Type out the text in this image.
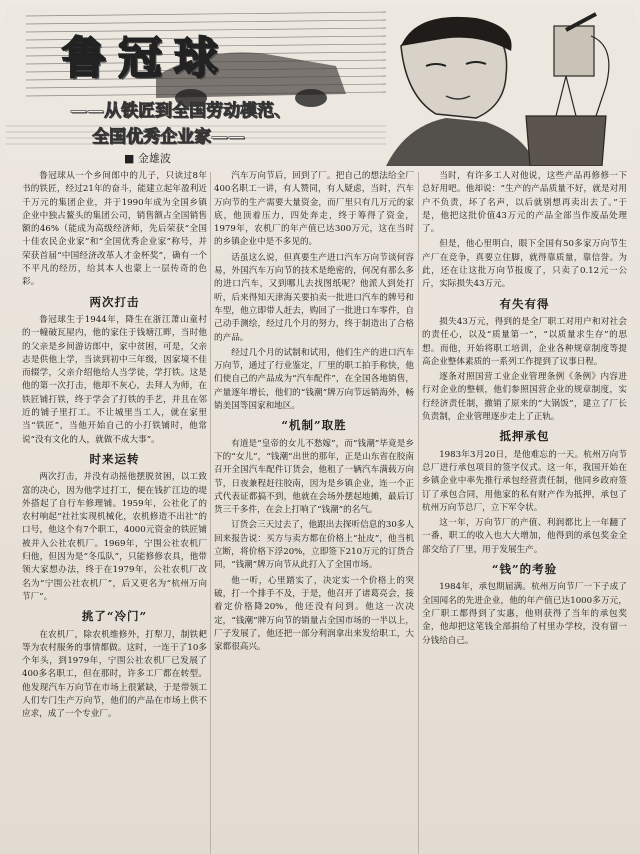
鲁冠球
——从铁匠到全国劳动模范、
全国优秀企业家——
■ 金雄波

鲁冠球从一个乡间郎中的儿子，只读过8年书的铁匠，经过21年的奋斗，能建立起年盈利近千万元的集团企业，并于1990年成为全国乡镇企业中独占鳌头的集团公司，销售额占全国销售额的46%（能成为高级经济师，先后荣获“全国十佳农民企业家”和“全国优秀企业家”称号，并荣获首届“中国经济改革人才金杯奖”，确有一个不平凡的经历，给其本人也蒙上一层传奇的色彩。

两次打击

鲁冠球生于1944年，降生在浙江萧山童村的一幢破瓦屋内，他的家住于钱塘江畔，当时他的父亲是乡间游访郎中，家中贫困，可是，父亲志是供他上学，当读到初中三年级，因家境不佳而辍学，父亲介绍他给人当学徒，学打铁。这是他的第一次打击，他却不灰心，去拜人为师，在铁匠铺打铁，终于学会了打铁的手艺，并且在邻近的铺子里打工。不让城里当工人，就在家里当“铁匠”，当他开始自己的小打铁铺时，他常说“没有文化的人，就做不成大事”。

时来运转

两次打击，并没有动摇他摆脱贫困，以工致富的决心，因为他学过打工，便在钱扩江边的堤外搭起了自行车修理铺。1959年，公社化了的农村响起“社社实现机械化，农机修造不出社”的口号，他这个有7个职工，4000元资金的铁匠铺被并入公社农机厂。1969年，宁围公社农机厂归他，但因为是“冬瓜队”，只能修修农具，他带领大家想办法，终于在1979年，公社农机厂改名为“宁围公社农机厂”，后又更名为“杭州万向节厂”。

挑了“冷门”

在农机厂，除农机维修外，打犁刀，制铁耙等为农村服务的事情都做。这时，一连干了10多个年头，到1979年，宁围公社农机厂已发展了400多名职工，但在那时，许多工厂都在转型。他发现汽车万向节在市场上很紧缺，于是带领工人们专门生产万向节，他们的产品在市场上供不应求，成了一个专业厂。

汽车万向节后，回到了厂。把自己的想法给全厂400名职工一讲，有人赞同，有人疑虑，当时，汽车万向节的生产需要大量资金，而厂里只有几万元的家底，他顶着压力，四处奔走，终于筹得了资金，1979年，农机厂的年产值已达300万元，这在当时的乡镇企业中是不多见的。

话虽这么说，但真要生产进口汽车万向节谈何容易，外国汽车万向节的技术是绝密的，何况有那么多的进口汽车，又到哪儿去找图纸呢？他派人到处打听，后来得知天津海关要拍卖一批进口汽车的牌号和车型，他立即带人赶去，购回了一批进口车零件，自己动手测绘，经过几个月的努力，终于制造出了合格的产品。

经过几个月的试制和试用，他们生产的进口汽车万向节，通过了行业鉴定，厂里的职工拍手称快，他们使自己的产品成为“汽车配件”，在全国各地销售，产量逐年增长，他们的“钱潮”牌万向节远销海外，畅销美国等国家和地区。

“机制”取胜

有道是“皇帝的女儿不愁嫁”，而“钱潮”毕竟是乡下的“女儿”，“钱潮”出世的那年，正是山东省在胶南召开全国汽车配件订货会，他租了一辆汽车满载万向节，日夜兼程赶往胶南，因为是乡镇企业，连一个正式代表证都搞不到，他就在会场外摆起地摊，最后订货三千多件，在会上打响了“钱潮”的名气。

订货会三天过去了，他跟出去探听信息的30多人回来报告说：买方与卖方都在价格上“扯皮”，他当机立断，将价格下浮20%，立即签下210万元的订货合同，“钱潮”牌万向节从此打入了全国市场。

他一听，心里踏实了，决定实一个价格上的突破，打一个排手不及，于是，他召开了诸葛亮会，接着定价格降20%，他还没有问到。他这一次决定，“钱潮”牌万向节的销量占全国市场的一半以上，厂子发展了，他还把一部分利润拿出来发给职工，大家都很高兴。

当时，有许多工人对他说，这些产品再修修一下总好用吧。他却说：“生产的产品质量不好，就是对用户不负责，坏了名声，以后就别想再卖出去了。”于是，他把这批价值43万元的产品全部当作废品处理了。

但是，他心里明白，眼下全国有50多家万向节生产厂在竞争，真要立住脚，就得靠质量，靠信誉。为此，还在让这批万向节报废了，只卖了0.12元一公斤，实际损失43万元。

有失有得

损失43万元，得到的是全厂职工对用户和对社会的责任心，以及“质量第一”，“以质量求生存”的思想。而他，开始将职工培训，企业各种规章制度等提高企业整体素质的一系列工作提到了议事日程。

逐条对照国营工业企业管理条例《条例》内容进行对企业的整顿，他们参照国营企业的规章制度，实行经济责任制，撤销了原来的“大锅饭”，建立了厂长负责制，企业管理逐步走上了正轨。

抵押承包

1983年3月20日，是他难忘的一天。杭州万向节总厂进行承包项目的签字仪式。这一年，我国开始在乡镇企业中率先推行承包经营责任制，他同乡政府签订了承包合同，用他家的私有财产作为抵押，承包了杭州万向节总厂，立下军令状。

这一年，万向节厂的产值、利润都比上一年翻了一番，职工的收入也大大增加，他得到的承包奖金全部交给了厂里，用于发展生产。

“钱”的考验

1984年，承包期届满。杭州万向节厂一下子成了全国闻名的先进企业，他的年产值已达1000多万元，全厂职工都得到了实惠，他则获得了当年的承包奖金，他却把这笔钱全部捐给了村里办学校，没有留一分钱给自己。
